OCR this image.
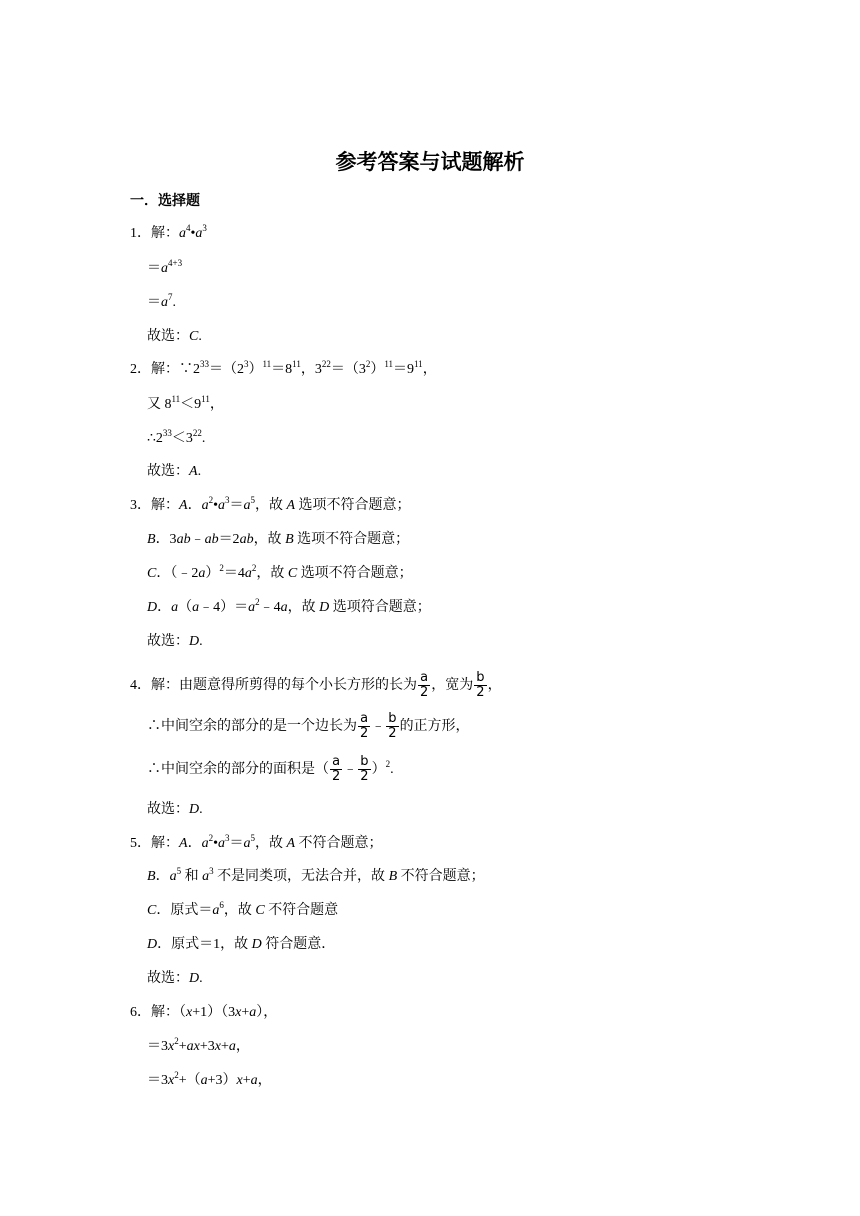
参考答案与试题解析
一．选择题
1．解：$a^4•a^3$
$=a^{4+3}$
$=a^7$.
故选：C.
2．解：$\because 2^{33}=(2^3)^{11}=8^{11}$，$3^{22}=(3^2)^{11}=9^{11}$，
又 $8^{11}<9^{11}$，
$\therefore 2^{33}<3^{22}$.
故选：A.
3．解：A．$a^2•a^3=a^5$，故 A 选项不符合题意；
B．3ab﹣ab＝2ab，故 B 选项不符合题意；
C．$(﹣2a)^2=4a^2$，故 C 选项不符合题意；
D．$a(a﹣4)=a^2﹣4a$，故 D 选项符合题意；
故选：D.
4．解：由题意得所剪得的每个小长方形的长为 $\frac{a}{2}$ ，宽为 $\frac{b}{2}$ ，
∴中间空余的部分的是一个边长为 $\frac{a}{2}$ ﹣ $\frac{b}{2}$ 的正方形，
∴中间空余的部分的面积是（ $\frac{a}{2}$ ﹣ $\frac{b}{2} )^2$.
故选：D.
5．解：A．$a^2•a^3=a^5$，故 A 不符合题意；
B．$a^5$ 和 $a^3$ 不是同类项，无法合并，故 B 不符合题意；
C．原式$=a^6$，故 C 不符合题意
D．原式＝1，故 D 符合题意．
故选：D.
6．解：（x+1）（3x+a），
$=3x^2+ax+3x+a$，
$=3x^2+(a+3)x+a$，
